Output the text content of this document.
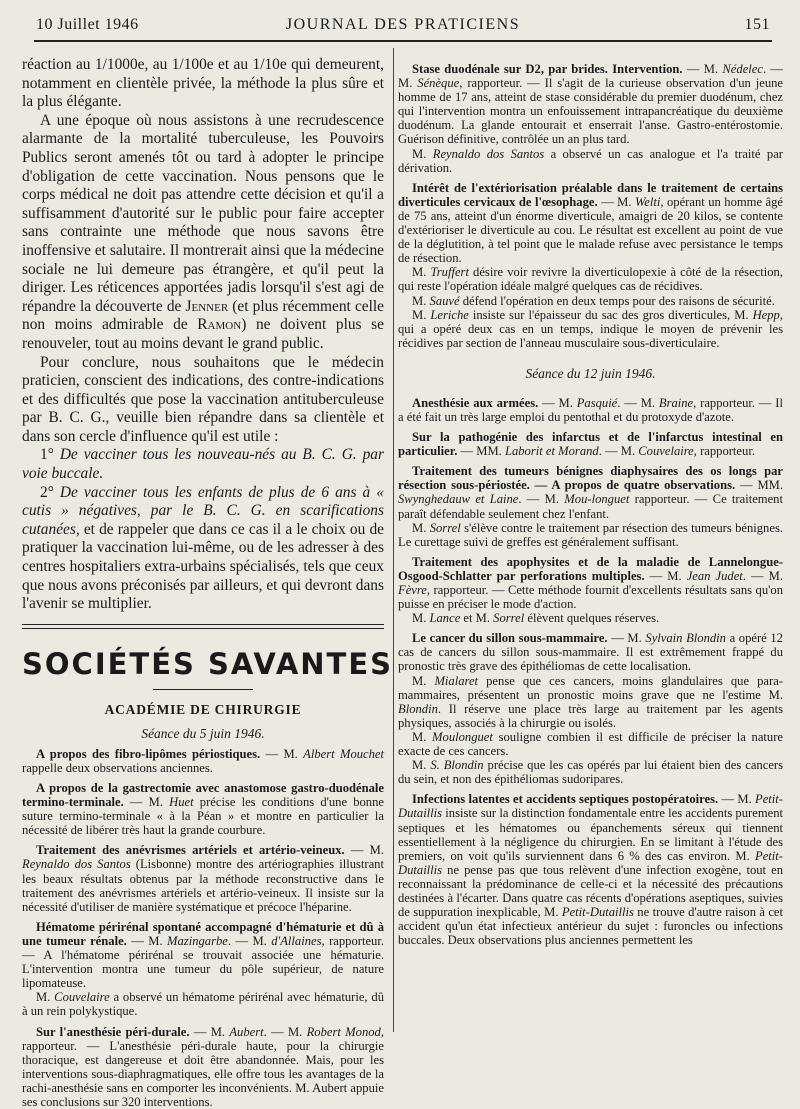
10 Juillet 1946	JOURNAL DES PRATICIENS	151

réaction au 1/1000e, au 1/100e et au 1/10e qui demeurent, notamment en clientèle privée, la méthode la plus sûre et la plus élégante.

A une époque où nous assistons à une recrudescence alarmante de la mortalité tuberculeuse, les Pouvoirs Publics seront amenés tôt ou tard à adopter le principe d'obligation de cette vaccination. Nous pensons que le corps médical ne doit pas attendre cette décision et qu'il a suffisamment d'autorité sur le public pour faire accepter sans contrainte une méthode que nous savons être inoffensive et salutaire. Il montrerait ainsi que la médecine sociale ne lui demeure pas étrangère, et qu'il peut la diriger. Les réticences apportées jadis lorsqu'il s'est agi de répandre la découverte de Jenner (et plus récemment celle non moins admirable de Ramon) ne doivent plus se renouveler, tout au moins devant le grand public.

Pour conclure, nous souhaitons que le médecin praticien, conscient des indications, des contre-indications et des difficultés que pose la vaccination antituberculeuse par B. C. G., veuille bien répandre dans sa clientèle et dans son cercle d'influence qu'il est utile :

1° De vacciner tous les nouveau-nés au B. C. G. par voie buccale.

2° De vacciner tous les enfants de plus de 6 ans à « cutis » négatives, par le B. C. G. en scarifications cutanées, et de rappeler que dans ce cas il a le choix ou de pratiquer la vaccination lui-même, ou de les adresser à des centres hospitaliers extra-urbains spécialisés, tels que ceux que nous avons préconisés par ailleurs, et qui devront dans l'avenir se multiplier.

SOCIÉTÉS SAVANTES

ACADÉMIE DE CHIRURGIE

Séance du 5 juin 1946.

A propos des fibro-lipômes périostiques. — M. Albert Mouchet rappelle deux observations anciennes.

A propos de la gastrectomie avec anastomose gastro-duodénale termino-terminale. — M. Huet précise les conditions d'une bonne suture termino-terminale « à la Péan » et montre en particulier la nécessité de libérer très haut la grande courbure.

Traitement des anévrismes artériels et artério-veineux. — M. Reynaldo dos Santos (Lisbonne) montre des artériographies illustrant les beaux résultats obtenus par la méthode reconstructive dans le traitement des anévrismes artériels et artério-veineux. Il insiste sur la nécessité d'utiliser de manière systématique et précoce l'héparine.

Hématome périrénal spontané accompagné d'hématurie et dû à une tumeur rénale. — M. Mazingarbe. — M. d'Allaines, rapporteur. — A l'hématome périrénal se trouvait associée une hématurie. L'intervention montra une tumeur du pôle supérieur, de nature lipomateuse.

M. Couvelaire a observé un hématome périrénal avec hématurie, dû à un rein polykystique.

Sur l'anesthésie péri-durale. — M. Aubert. — M. Robert Monod, rapporteur. — L'anesthésie péri-durale haute, pour la chirurgie thoracique, est dangereuse et doit être abandonnée. Mais, pour les interventions sous-diaphragmatiques, elle offre tous les avantages de la rachi-anesthésie sans en comporter les inconvénients. M. Aubert appuie ses conclusions sur 320 interventions.

Stase duodénale sur D2, par brides. Intervention. — M. Nédelec. — M. Sénèque, rapporteur. — Il s'agit de la curieuse observation d'un jeune homme de 17 ans, atteint de stase considérable du premier duodénum, chez qui l'intervention montra un enfouissement intrapancréatique du deuxième duodénum. La glande entourait et enserrait l'anse. Gastro-entérostomie. Guérison définitive, contrôlée un an plus tard.

M. Reynaldo dos Santos a observé un cas analogue et l'a traité par dérivation.

Intérêt de l'extériorisation préalable dans le traitement de certains diverticules cervicaux de l'œsophage. — M. Welti, opérant un homme âgé de 75 ans, atteint d'un énorme diverticule, amaigri de 20 kilos, se contente d'extérioriser le diverticule au cou. Le résultat est excellent au point de vue de la déglutition, à tel point que le malade refuse avec persistance le temps de résection.

M. Truffert désire voir revivre la diverticulopexie à côté de la résection, qui reste l'opération idéale malgré quelques cas de récidives.

M. Sauvé défend l'opération en deux temps pour des raisons de sécurité.

M. Leriche insiste sur l'épaisseur du sac des gros diverticules, M. Hepp, qui a opéré deux cas en un temps, indique le moyen de prévenir les récidives par section de l'anneau musculaire sous-diverticulaire.

Séance du 12 juin 1946.

Anesthésie aux armées. — M. Pasquié. — M. Braine, rapporteur. — Il a été fait un très large emploi du pentothal et du protoxyde d'azote.

Sur la pathogénie des infarctus et de l'infarctus intestinal en particulier. — MM. Laborit et Morand. — M. Couvelaire, rapporteur.

Traitement des tumeurs bénignes diaphysaires des os longs par résection sous-périostée. — A propos de quatre observations. — MM. Swynghedauw et Laine. — M. Mou-longuet rapporteur. — Ce traitement paraît défendable seulement chez l'enfant.

M. Sorrel s'élève contre le traitement par résection des tumeurs bénignes. Le curettage suivi de greffes est généralement suffisant.

Traitement des apophysites et de la maladie de Lannelongue-Osgood-Schlatter par perforations multiples. — M. Jean Judet. — M. Fèvre, rapporteur. — Cette méthode fournit d'excellents résultats sans qu'on puisse en préciser le mode d'action.

M. Lance et M. Sorrel élèvent quelques réserves.

Le cancer du sillon sous-mammaire. — M. Sylvain Blondin a opéré 12 cas de cancers du sillon sous-mammaire. Il est extrêmement frappé du pronostic très grave des épithéliomas de cette localisation.

M. Mialaret pense que ces cancers, moins glandulaires que para-mammaires, présentent un pronostic moins grave que ne l'estime M. Blondin. Il réserve une place très large au traitement par les agents physiques, associés à la chirurgie ou isolés.

M. Moulonguet souligne combien il est difficile de préciser la nature exacte de ces cancers.

M. S. Blondin précise que les cas opérés par lui étaient bien des cancers du sein, et non des épithéliomas sudoripares.

Infections latentes et accidents septiques postopératoires. — M. Petit-Dutaillis insiste sur la distinction fondamentale entre les accidents purement septiques et les hématomes ou épanchements séreux qui tiennent essentiellement à la négligence du chirurgien. En se limitant à l'étude des premiers, on voit qu'ils surviennent dans 6 % des cas environ. M. Petit-Dutaillis ne pense pas que tous relèvent d'une infection exogène, tout en reconnaissant la prédominance de celle-ci et la nécessité des précautions destinées à l'écarter. Dans quatre cas récents d'opérations aseptiques, suivies de suppuration inexplicable, M. Petit-Dutaillis ne trouve d'autre raison à cet accident qu'un état infectieux antérieur du sujet : furoncles ou infections buccales. Deux observations plus anciennes permettent les
